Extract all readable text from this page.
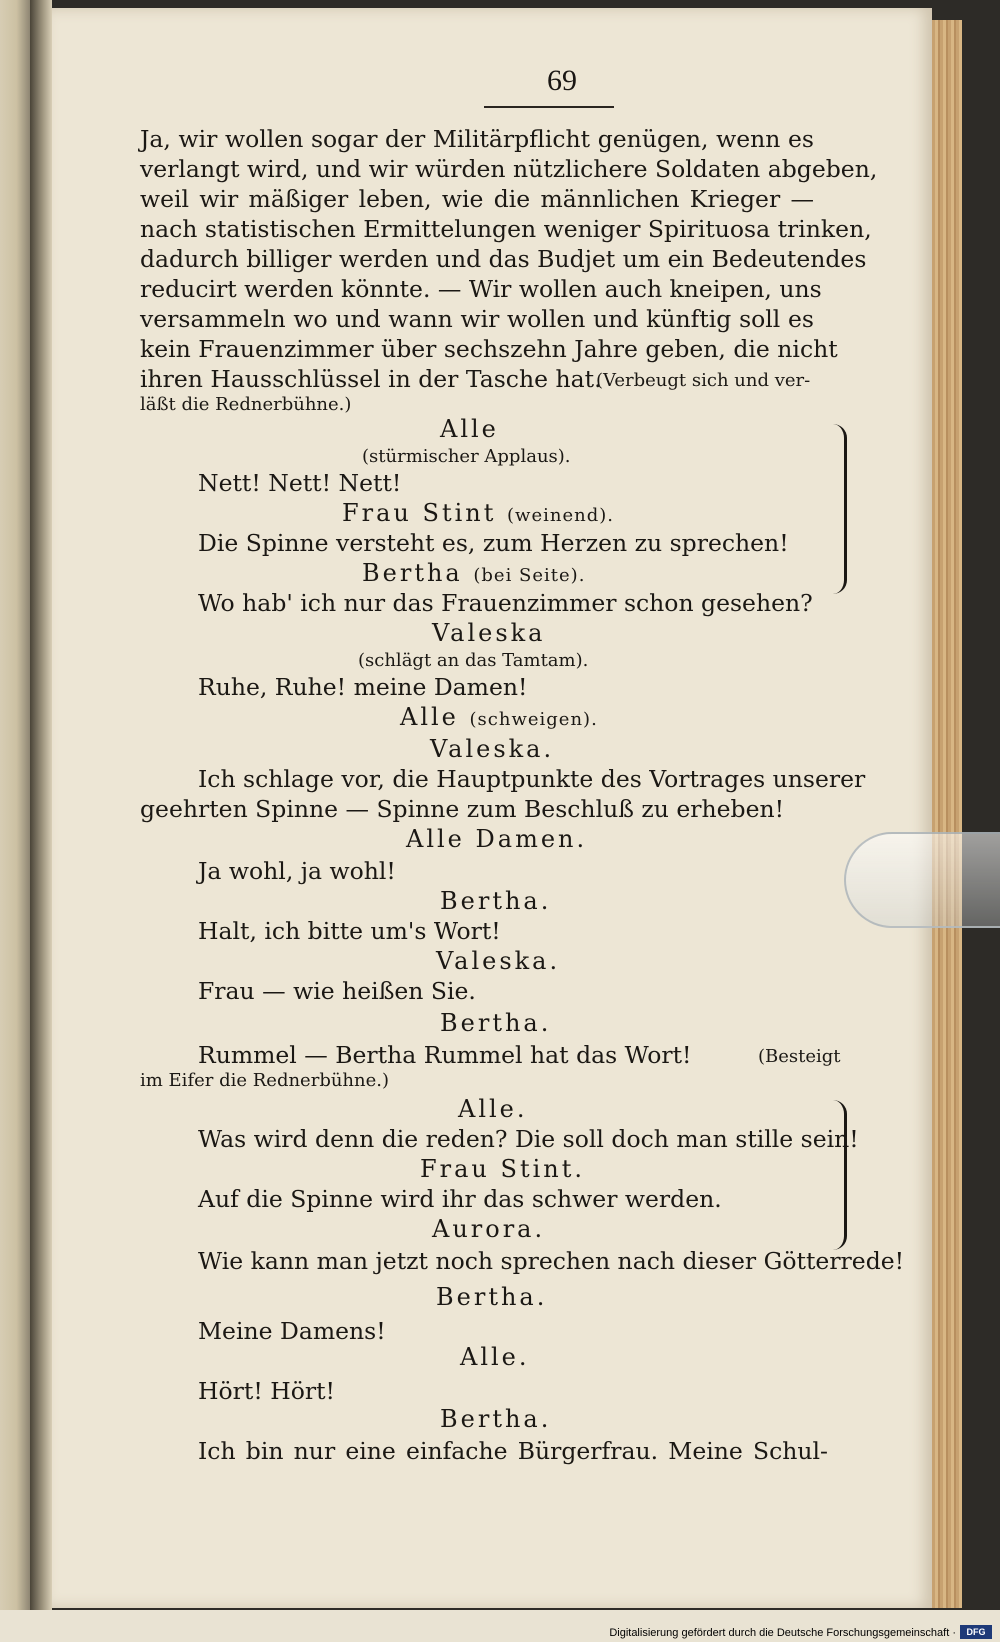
69
Ja, wir wollen sogar der Militärpflicht genügen, wenn es
verlangt wird, und wir würden nützlichere Soldaten abgeben,
weil wir mäßiger leben, wie die männlichen Krieger —
nach statistischen Ermittelungen weniger Spirituosa trinken,
dadurch billiger werden und das Budjet um ein Bedeutendes
reducirt werden könnte. — Wir wollen auch kneipen, uns
versammeln wo und wann wir wollen und künftig soll es
kein Frauenzimmer über sechszehn Jahre geben, die nicht
ihren Hausschlüssel in der Tasche hat.
(Verbeugt sich und ver-
läßt die Rednerbühne.)
Alle
(stürmischer Applaus).
Nett! Nett! Nett!
Frau Stint (weinend).
Die Spinne versteht es, zum Herzen zu sprechen!
Bertha (bei Seite).
Wo hab' ich nur das Frauenzimmer schon gesehen?
Valeska
(schlägt an das Tamtam).
Ruhe, Ruhe! meine Damen!
Alle (schweigen).
Valeska.
Ich schlage vor, die Hauptpunkte des Vortrages unserer
geehrten Spinne — Spinne zum Beschluß zu erheben!
Alle Damen.
Ja wohl, ja wohl!
Bertha.
Halt, ich bitte um's Wort!
Valeska.
Frau — wie heißen Sie.
Bertha.
Rummel — Bertha Rummel hat das Wort!	(Besteigt
im Eifer die Rednerbühne.)
Alle.
Was wird denn die reden? Die soll doch man stille sein!
Frau Stint.
Auf die Spinne wird ihr das schwer werden.
Aurora.
Wie kann man jetzt noch sprechen nach dieser Götterrede!
Bertha.
Meine Damens!
Alle.
Hört! Hört!
Bertha.
Ich bin nur eine einfache Bürgerfrau. Meine Schul-
Digitalisierung gefördert durch die Deutsche Forschungsgemeinschaft ·	DFG
